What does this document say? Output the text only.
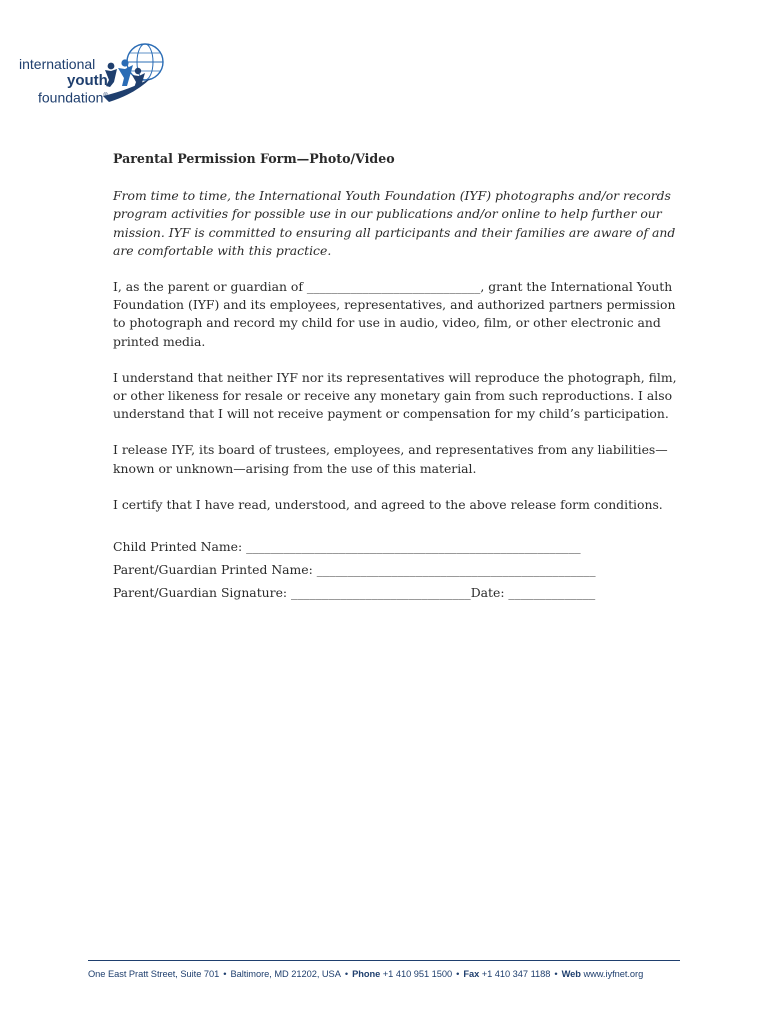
international
youth
foundation
Parental Permission Form—Photo/Video
From time to time, the International Youth Foundation (IYF) photographs and/or records program activities for possible use in our publications and/or online to help further our mission. IYF is committed to ensuring all participants and their families are aware of and are comfortable with this practice.
I, as the parent or guardian of ____________________________, grant the International Youth Foundation (IYF) and its employees, representatives, and authorized partners permission to photograph and record my child for use in audio, video, film, or other electronic and printed media.
I understand that neither IYF nor its representatives will reproduce the photograph, film, or other likeness for resale or receive any monetary gain from such reproductions. I also understand that I will not receive payment or compensation for my child’s participation.
I release IYF, its board of trustees, employees, and representatives from any liabilities—known or unknown—arising from the use of this material.
I certify that I have read, understood, and agreed to the above release form conditions.
Child Printed Name: ______________________________________________________
Parent/Guardian Printed Name: _____________________________________________
Parent/Guardian Signature: _____________________________Date: ______________
One East Pratt Street, Suite 701 • Baltimore, MD 21202, USA • Phone +1 410 951 1500 • Fax +1 410 347 1188 • Web www.iyfnet.org
